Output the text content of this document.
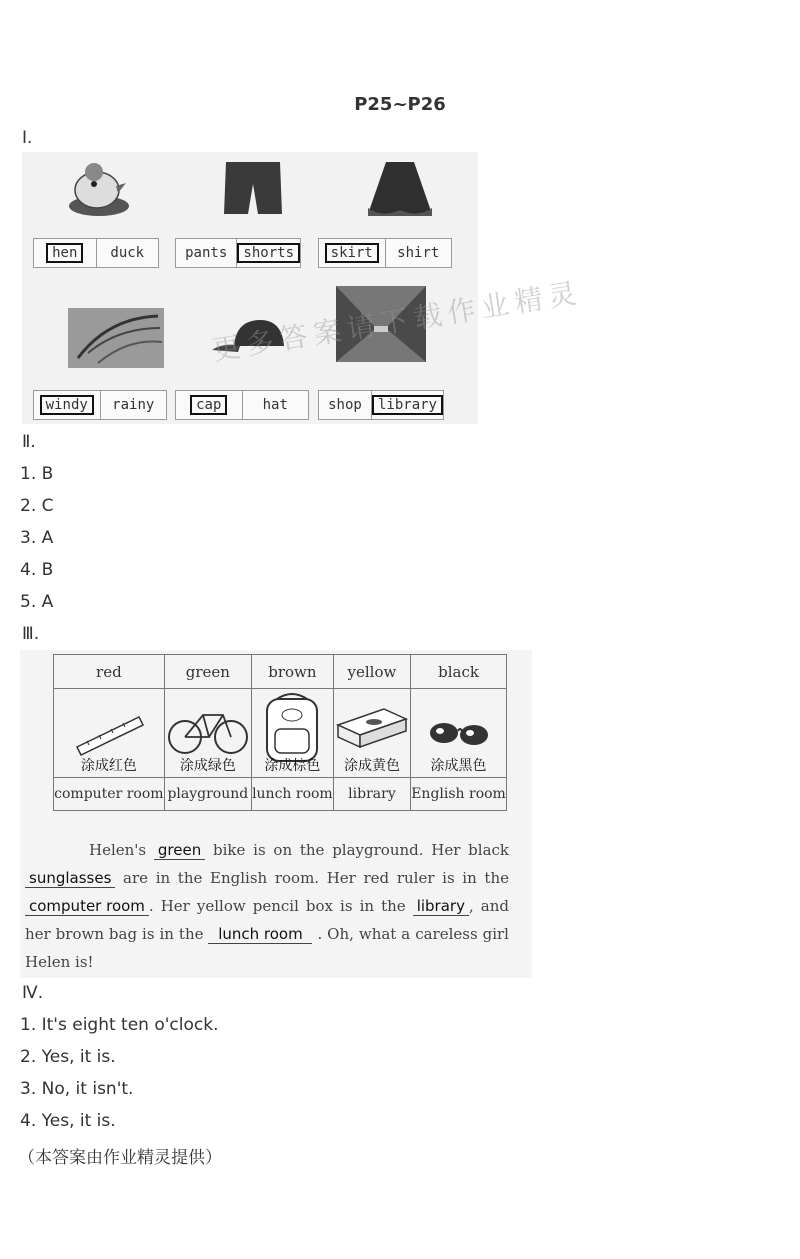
P25~P26
Ⅰ.
hen	duck	pants	shorts	skirt	shirt
windy	rainy	cap	hat	shop	library
更多答案请下载作业精灵
Ⅱ.
1. B
2. C
3. A
4. B
5. A
Ⅲ.
red	green	brown	yellow	black

涂成红色	涂成绿色	涂成棕色	涂成黄色	涂成黑色

computer room	playground	lunch room	library	English room
Helen's green bike is on the playground. Her black sunglasses are in the English room. Her red ruler is in the computer room . Her yellow pencil box is in the library , and her brown bag is in the lunch room . Oh, what a careless girl Helen is!
Ⅳ.
1. It's eight ten o'clock.
2. Yes, it is.
3. No, it isn't.
4. Yes, it is.
（本答案由作业精灵提供）
